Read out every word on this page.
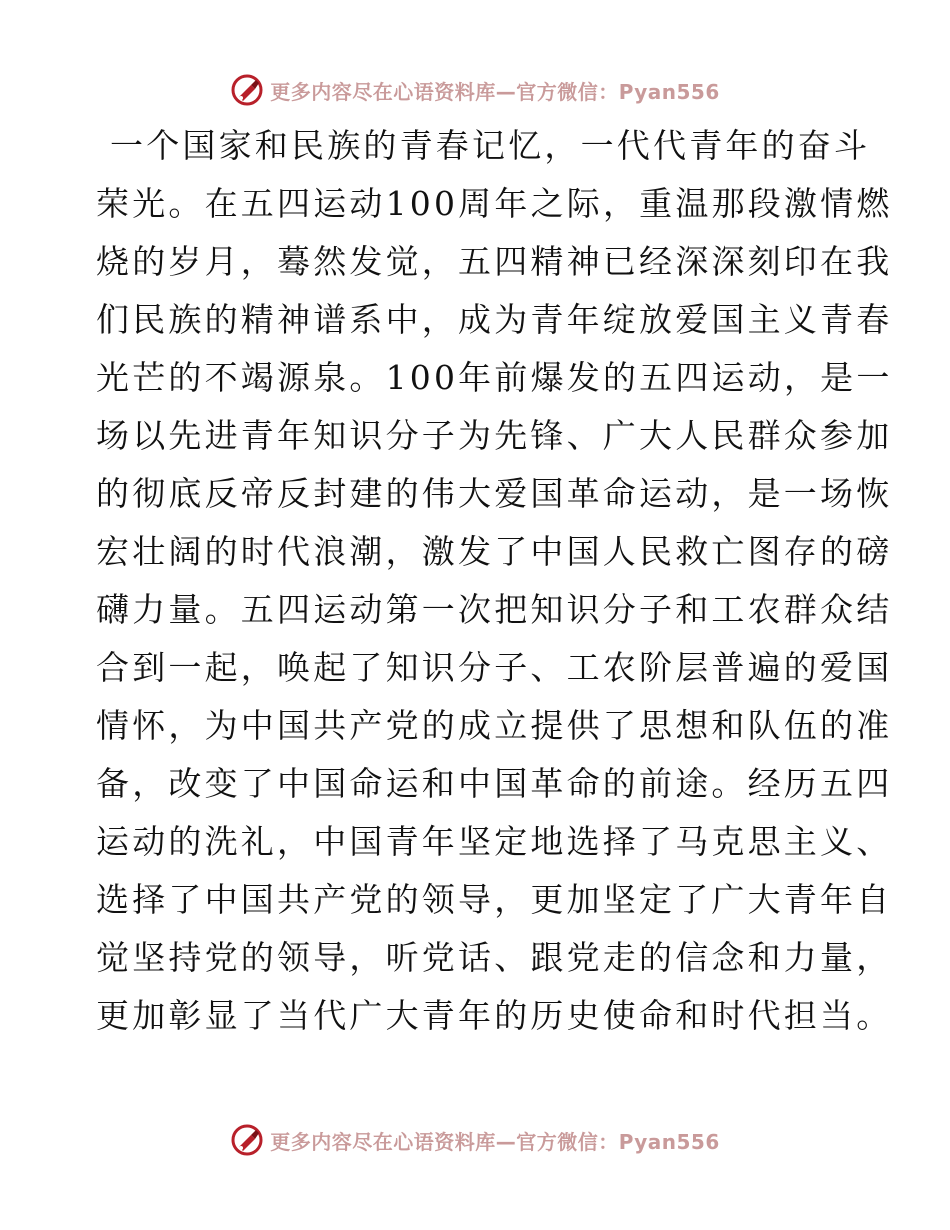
更多内容尽在心语资料库—官方微信：Pyan556
一个国家和民族的青春记忆，一代代青年的奋斗
荣光。在五四运动100周年之际，重温那段激情燃
烧的岁月，蓦然发觉，五四精神已经深深刻印在我
们民族的精神谱系中，成为青年绽放爱国主义青春
光芒的不竭源泉。100年前爆发的五四运动，是一
场以先进青年知识分子为先锋、广大人民群众参加
的彻底反帝反封建的伟大爱国革命运动，是一场恢
宏壮阔的时代浪潮，激发了中国人民救亡图存的磅
礴力量。五四运动第一次把知识分子和工农群众结
合到一起，唤起了知识分子、工农阶层普遍的爱国
情怀，为中国共产党的成立提供了思想和队伍的准
备，改变了中国命运和中国革命的前途。经历五四
运动的洗礼，中国青年坚定地选择了马克思主义、
选择了中国共产党的领导，更加坚定了广大青年自
觉坚持党的领导，听党话、跟党走的信念和力量，
更加彰显了当代广大青年的历史使命和时代担当。
更多内容尽在心语资料库—官方微信：Pyan556
